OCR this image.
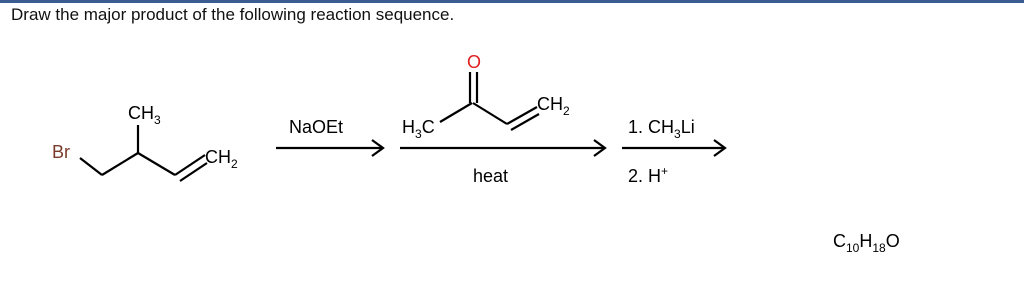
Draw the major product of the following reaction sequence.
Br
$CH_3$
$CH_2$
NaOEt
O
$H_3C$
$CH_2$
heat
1. $CH_3Li$
2. H+
$C_{10}H_{18}O$
